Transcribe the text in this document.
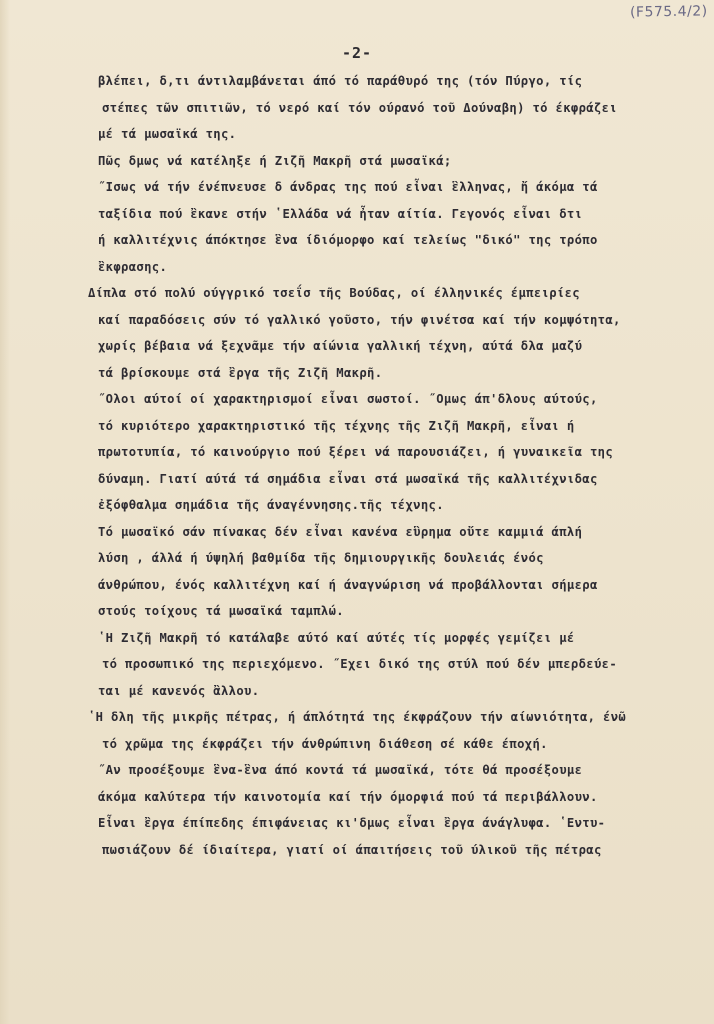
(F575.4/2)
-2-
βλέπει, δ,τι άντιλαμβάνεται άπό τό παράθυρό της (τόν Πύργο, τίς
στέπες τῶν σπιτιῶν, τό νερό καί τόν ούρανό τοῦ Δούναβη) τό έκφράζει
μέ τά μωσαϊκά της.
Πῶς δμως νά κατέληξε ή Ζιζῆ Μακρῆ στά μωσαϊκά;
˝Ισως νά τήν ένέπνευσε δ άνδρας της πού εἶναι ἓλληνας, ἤ άκόμα τά
ταξίδια πού ἒκανε στήν ʽΕλλάδα νά ἦταν αίτία. Γεγονός εἶναι δτι
ή καλλιτέχνις άπόκτησε ἓνα ίδιόμορφο καί τελείως "δικό" της τρόπο
ἒκφρασης.
Δίπλα στό πολύ ούγγρικό τσεΐσ τῆς Βούδας, οί έλληνικές έμπειρίες
καί παραδόσεις σύν τό γαλλικό γοῦστο, τήν φινέτσα καί τήν κομψότητα,
χωρίς βέβαια νά ξεχνᾶμε τήν αίώνια γαλλική τέχνη, αύτά δλα μαζύ
τά βρίσκουμε στά ἒργα τῆς Ζιζῆ Μακρῆ.
˝Ολοι αύτοί οί χαρακτηρισμοί εἶναι σωστοί. ˝Ομως άπ'δλους αύτούς,
τό κυριότερο χαρακτηριστικό τῆς τέχνης τῆς Ζιζῆ Μακρῆ, εἶναι ή
πρωτοτυπία, τό καινούργιο πού ξέρει νά παρουσιάζει, ή γυναικεῖα της
δύναμη. Γιατί αύτά τά σημάδια εἶναι στά μωσαϊκά τῆς καλλιτέχνιδας
ἐξόφθαλμα σημάδια τῆς άναγέννησης.τῆς τέχνης.
Τό μωσαϊκό σάν πίνακας δέν εἶναι κανένα εὓρημα οὔτε καμμιά άπλή
λύση , άλλά ή ύψηλή βαθμίδα τῆς δημιουργικῆς δουλειάς ένός
άνθρώπου, ένός καλλιτέχνη καί ή άναγνώριση νά προβάλλονται σήμερα
στούς τοίχους τά μωσαϊκά ταμπλώ.
ʽΗ Ζιζῆ Μακρῆ τό κατάλαβε αύτό καί αύτές τίς μορφές γεμίζει μέ
τό προσωπικό της περιεχόμενο. ˝Εχει δικό της στύλ πού δέν μπερδεύε-
ται μέ κανενός ἂλλου.
ʽΗ δλη τῆς μικρῆς πέτρας, ή άπλότητά της έκφράζουν τήν αίωνιότητα, ένῶ
τό χρῶμα της έκφράζει τήν άνθρώπινη διάθεση σέ κάθε έποχή.
˝Αν προσέξουμε ἓνα-ἓνα άπό κοντά τά μωσαϊκά, τότε θά προσέξουμε
άκόμα καλύτερα τήν καινοτομία καί τήν όμορφιά πού τά περιβάλλουν.
Εἶναι ἒργα έπίπεδης έπιφάνειας κι'δμως εἶναι ἒργα άνάγλυφα. ʽΕντυ-
πωσιάζουν δέ ίδιαίτερα, γιατί οί άπαιτήσεις τοῦ ύλικοῦ τῆς πέτρας
